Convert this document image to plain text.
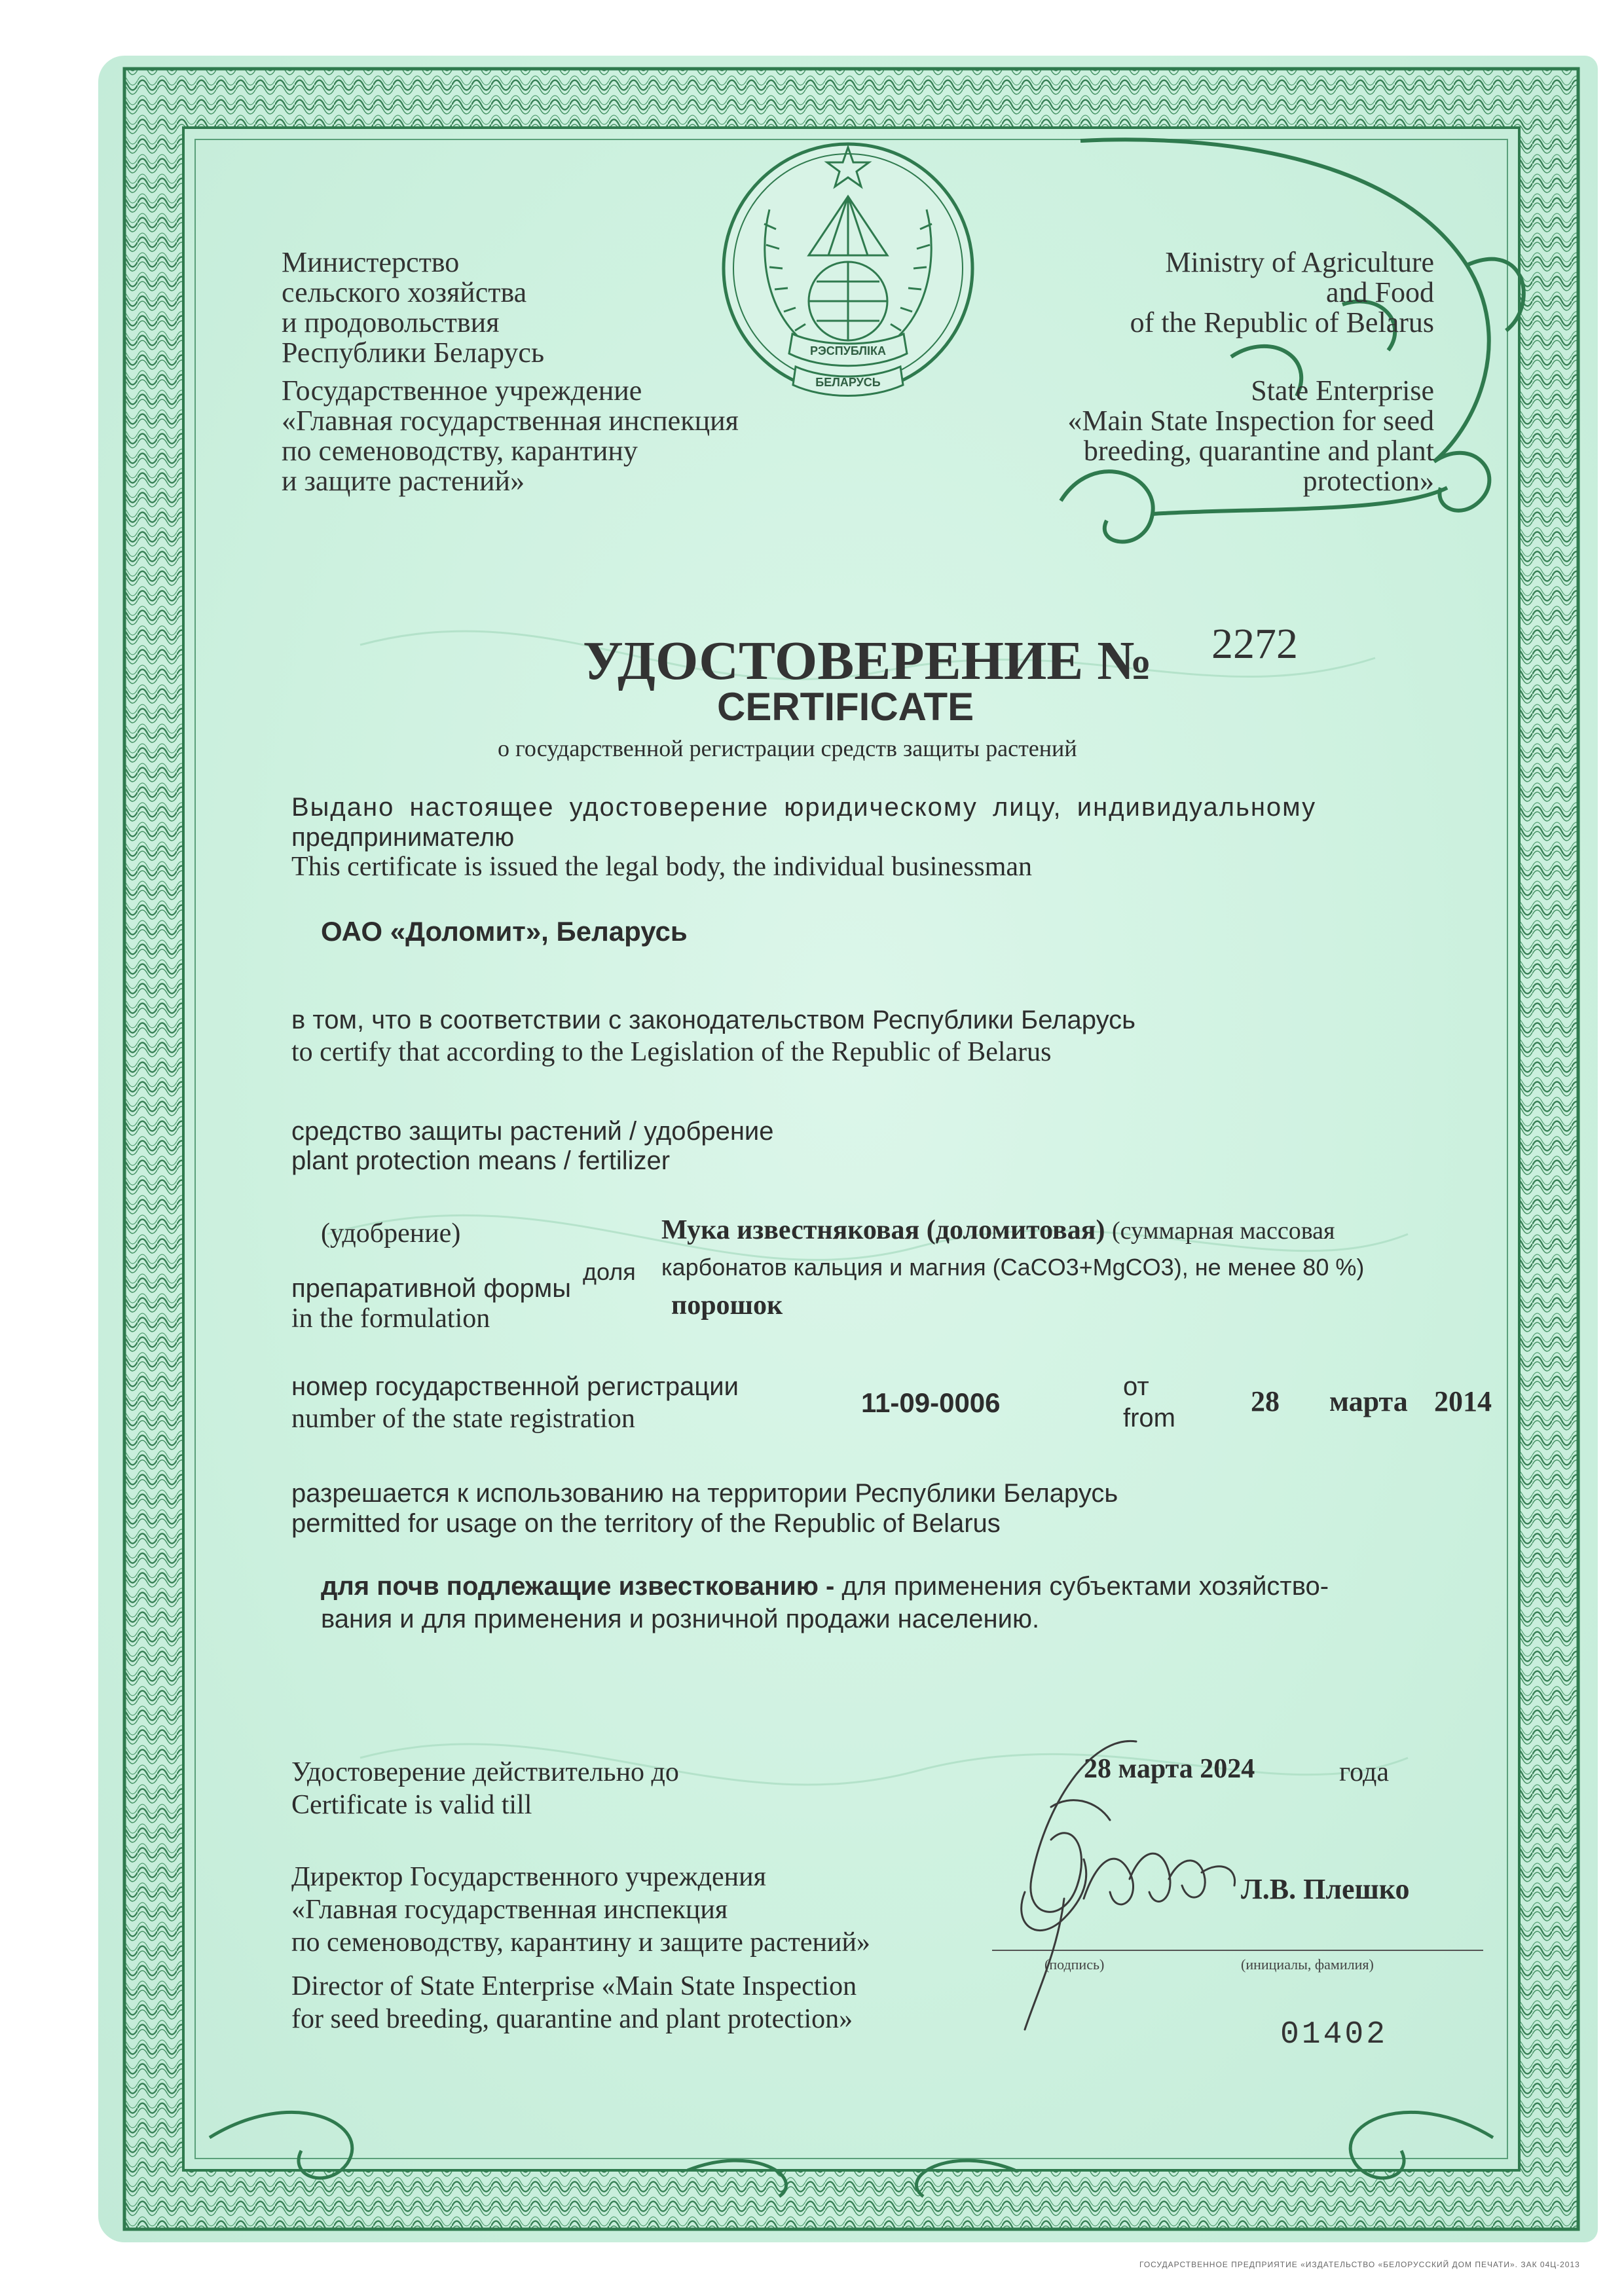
РЭСПУБЛІКА
БЕЛАРУСЬ
Министерство
сельского хозяйства
и продовольствия
Республики Беларусь
Государственное учреждение
«Главная государственная инспекция
по семеноводству, карантину
и защите растений»
Ministry of Agriculture
and Food
of the Republic of Belarus
State Enterprise
«Main State Inspection for seed
breeding, quarantine and plant
protection»
УДОСТОВЕРЕНИЕ № 2272
CERTIFICATE
о государственной регистрации средств защиты растений
Выдано настоящее удостоверение юридическому лицу, индивидуальному
предпринимателю
This certificate is issued the legal body, the individual businessman
ОАО «Доломит», Беларусь
в том, что в соответствии с законодательством Республики Беларусь
to certify that according to the Legislation of the Republic of Belarus
средство защиты растений / удобрение
plant protection means / fertilizer
(удобрение)	Мука известняковая (доломитовая) (суммарная массовая
доля карбонатов кальция и магния (CaCO3+MgCO3), не менее 80 %)
препаративной формы
in the formulation	порошок
номер государственной регистрации
number of the state registration
11-09-0006
от
from
28 марта 2014
разрешается к использованию на территории Республики Беларусь
permitted for usage on the territory of the Republic of Belarus
для почв подлежащие известкованию - для применения субъектами хозяйство-
вания и для применения и розничной продажи населению.
Удостоверение действительно до
Certificate is valid till
28 марта 2024	года
Директор Государственного учреждения
«Главная государственная инспекция
по семеноводству, карантину и защите растений»
Director of State Enterprise «Main State Inspection
for seed breeding, quarantine and plant protection»
(подпись)	(инициалы, фамилия)
Л.В. Плешко
01402
ГОСУДАРСТВЕННОЕ ПРЕДПРИЯТИЕ «ИЗДАТЕЛЬСТВО «БЕЛОРУССКИЙ ДОМ ПЕЧАТИ». ЗАК 04Ц-2013
